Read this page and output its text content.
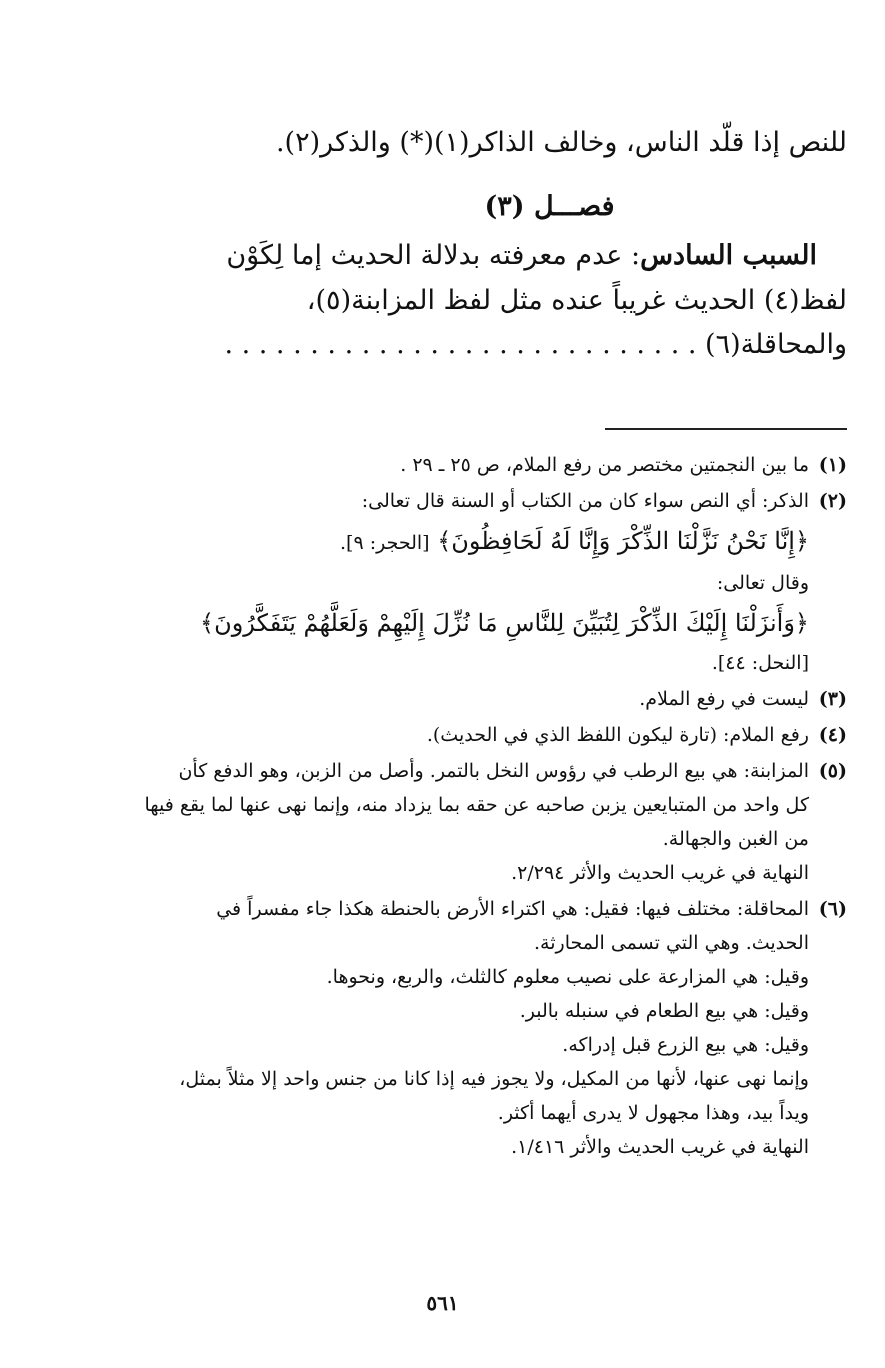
للنص إذا قلّد الناس، وخالف الذاكر(١)(*) والذكر(٢).

فصـــل (٣)

السبب السادس: عدم معرفته بدلالة الحديث إما لِكَوْن

لفظ(٤) الحديث غريباً عنده مثل لفظ المزابنة(٥)،

والمحاقلة(٦) . . . . . . . . . . . . . . . . . . . . . . . . . . . .

(١)
ما بين النجمتين مختصر من رفع الملام، ص ٢٥ ـ ٢٩ .
(٢)
الذكر: أي النص سواء كان من الكتاب أو السنة قال تعالى:
﴿إِنَّا نَحْنُ نَزَّلْنَا الذِّكْرَ وَإِنَّا لَهُ لَحَافِظُونَ﴾ [الحجر: ٩].
وقال تعالى:
﴿وَأَنزَلْنَا إِلَيْكَ الذِّكْرَ لِتُبَيِّنَ لِلنَّاسِ مَا نُزِّلَ إِلَيْهِمْ وَلَعَلَّهُمْ يَتَفَكَّرُونَ﴾
[النحل: ٤٤].
(٣)
ليست في رفع الملام.
(٤)
رفع الملام: (تارة ليكون اللفظ الذي في الحديث).
(٥)
المزابنة: هي بيع الرطب في رؤوس النخل بالتمر. وأصل من الزبن، وهو الدفع كأن
كل واحد من المتبايعين يزبن صاحبه عن حقه بما يزداد منه، وإنما نهى عنها لما يقع فيها
من الغبن والجهالة.
النهاية في غريب الحديث والأثر ٢/٢٩٤.
(٦)
المحاقلة: مختلف فيها: فقيل: هي اكتراء الأرض بالحنطة هكذا جاء مفسراً في
الحديث. وهي التي تسمى المحارثة.
وقيل: هي المزارعة على نصيب معلوم كالثلث، والربع، ونحوها.
وقيل: هي بيع الطعام في سنبله بالبر.
وقيل: هي بيع الزرع قبل إدراكه.
وإنما نهى عنها، لأنها من المكيل، ولا يجوز فيه إذا كانا من جنس واحد إلا مثلاً بمثل،
ويداً بيد، وهذا مجهول لا يدرى أيهما أكثر.
النهاية في غريب الحديث والأثر ١/٤١٦.
٥٦١
